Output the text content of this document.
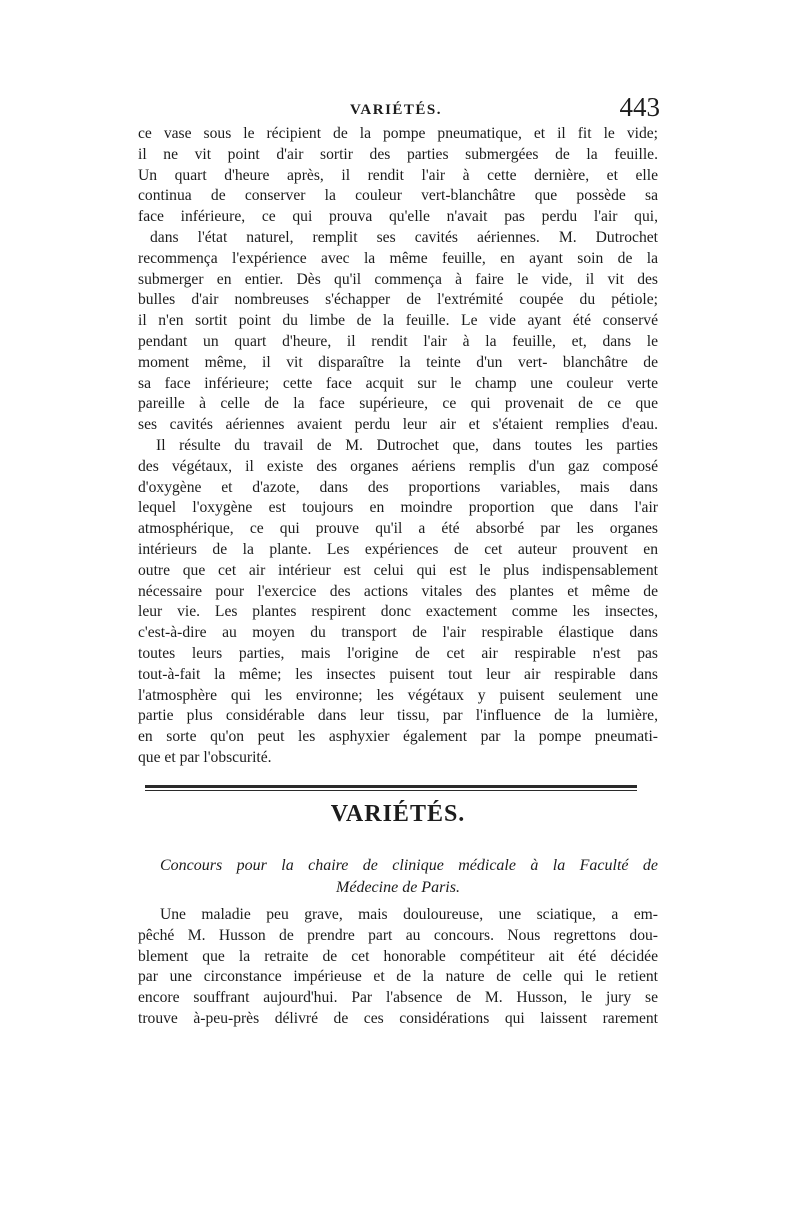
VARIÉTÉS.	443
ce vase sous le récipient de la pompe pneumatique, et il fit le vide;
il ne vit point d'air sortir des parties submergées de la feuille.
Un quart d'heure après, il rendit l'air à cette dernière, et elle
continua de conserver la couleur vert-blanchâtre que possède sa
face inférieure, ce qui prouva qu'elle n'avait pas perdu l'air qui,
dans l'état naturel, remplit ses cavités aériennes. M. Dutrochet
recommença l'expérience avec la même feuille, en ayant soin de la
submerger en entier. Dès qu'il commença à faire le vide, il vit des
bulles d'air nombreuses s'échapper de l'extrémité coupée du pétiole;
il n'en sortit point du limbe de la feuille. Le vide ayant été conservé
pendant un quart d'heure, il rendit l'air à la feuille, et, dans le
moment même, il vit disparaître la teinte d'un vert- blanchâtre de
sa face inférieure; cette face acquit sur le champ une couleur verte
pareille à celle de la face supérieure, ce qui provenait de ce que
ses cavités aériennes avaient perdu leur air et s'étaient remplies d'eau.
Il résulte du travail de M. Dutrochet que, dans toutes les parties
des végétaux, il existe des organes aériens remplis d'un gaz composé
d'oxygène et d'azote, dans des proportions variables, mais dans
lequel l'oxygène est toujours en moindre proportion que dans l'air
atmosphérique, ce qui prouve qu'il a été absorbé par les organes
intérieurs de la plante. Les expériences de cet auteur prouvent en
outre que cet air intérieur est celui qui est le plus indispensablement
nécessaire pour l'exercice des actions vitales des plantes et même de
leur vie. Les plantes respirent donc exactement comme les insectes,
c'est-à-dire au moyen du transport de l'air respirable élastique dans
toutes leurs parties, mais l'origine de cet air respirable n'est pas
tout-à-fait la même; les insectes puisent tout leur air respirable dans
l'atmosphère qui les environne; les végétaux y puisent seulement une
partie plus considérable dans leur tissu, par l'influence de la lumière,
en sorte qu'on peut les asphyxier également par la pompe pneumati-
que et par l'obscurité.
VARIÉTÉS.
Concours pour la chaire de clinique médicale à la Faculté de
Médecine de Paris.
Une maladie peu grave, mais douloureuse, une sciatique, a em-
pêché M. Husson de prendre part au concours. Nous regrettons dou-
blement que la retraite de cet honorable compétiteur ait été décidée
par une circonstance impérieuse et de la nature de celle qui le retient
encore souffrant aujourd'hui. Par l'absence de M. Husson, le jury se
trouve à-peu-près délivré de ces considérations qui laissent rarement
